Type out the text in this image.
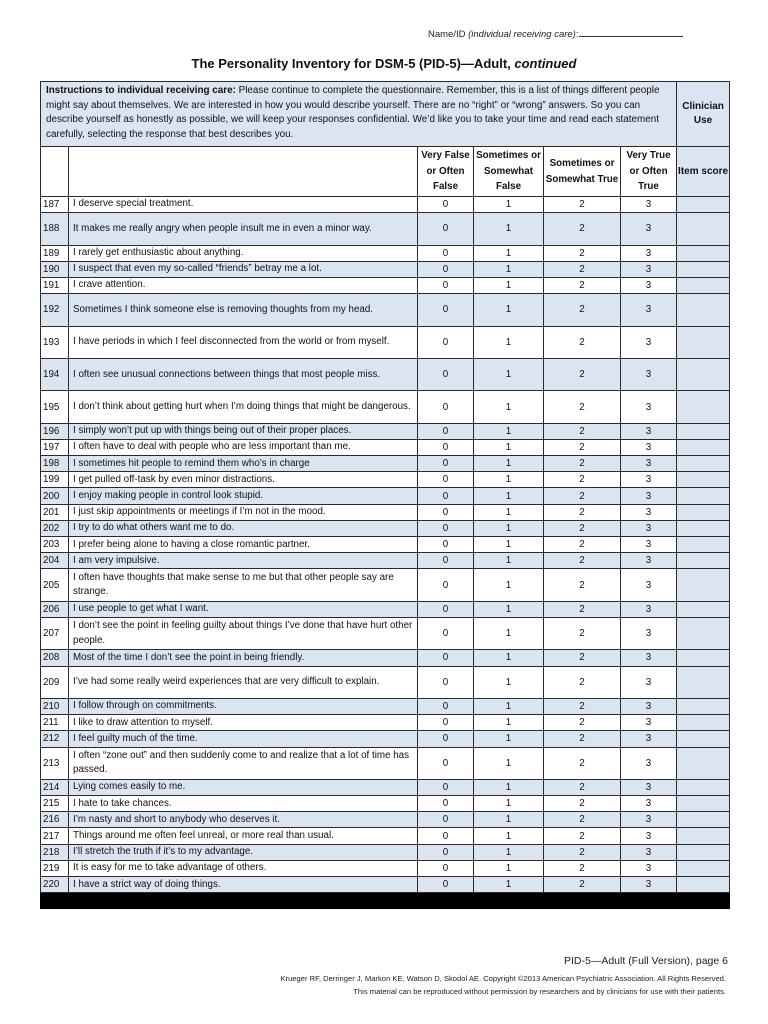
Name/ID (individual receiving care):
The Personality Inventory for DSM-5 (PID-5)—Adult, continued
Instructions to individual receiving care: Please continue to complete the questionnaire. Remember, this is a list of things different people might say about themselves. We are interested in how you would describe yourself. There are no “right” or “wrong” answers. So you can describe yourself as honestly as possible, we will keep your responses confidential. We’d like you to take your time and read each statement carefully, selecting the response that best describes you.						Clinician Use
		Very False or Often False	Sometimes or Somewhat False	Sometimes or Somewhat True	Very True or Often True	Item score
187	I deserve special treatment.	0	1	2	3	
188	It makes me really angry when people insult me in even a minor way.	0	1	2	3	
189	I rarely get enthusiastic about anything.	0	1	2	3	
190	I suspect that even my so-called “friends” betray me a lot.	0	1	2	3	
191	I crave attention.	0	1	2	3	
192	Sometimes I think someone else is removing thoughts from my head.	0	1	2	3	
193	I have periods in which I feel disconnected from the world or from myself.	0	1	2	3	
194	I often see unusual connections between things that most people miss.	0	1	2	3	
195	I don’t think about getting hurt when I’m doing things that might be dangerous.	0	1	2	3	
196	I simply won’t put up with things being out of their proper places.	0	1	2	3	
197	I often have to deal with people who are less important than me.	0	1	2	3	
198	I sometimes hit people to remind them who’s in charge	0	1	2	3	
199	I get pulled off-task by even minor distractions.	0	1	2	3	
200	I enjoy making people in control look stupid.	0	1	2	3	
201	I just skip appointments or meetings if I’m not in the mood.	0	1	2	3	
202	I try to do what others want me to do.	0	1	2	3	
203	I prefer being alone to having a close romantic partner.	0	1	2	3	
204	I am very impulsive.	0	1	2	3	
205	I often have thoughts that make sense to me but that other people say are strange.	0	1	2	3	
206	I use people to get what I want.	0	1	2	3	
207	I don’t see the point in feeling guilty about things I’ve done that have hurt other people.	0	1	2	3	
208	Most of the time I don’t see the point in being friendly.	0	1	2	3	
209	I’ve had some really weird experiences that are very difficult to explain.	0	1	2	3	
210	I follow through on commitments.	0	1	2	3	
211	I like to draw attention to myself.	0	1	2	3	
212	I feel guilty much of the time.	0	1	2	3	
213	I often “zone out” and then suddenly come to and realize that a lot of time has passed.	0	1	2	3	
214	Lying comes easily to me.	0	1	2	3	
215	I hate to take chances.	0	1	2	3	
216	I’m nasty and short to anybody who deserves it.	0	1	2	3	
217	Things around me often feel unreal, or more real than usual.	0	1	2	3	
218	I’ll stretch the truth if it’s to my advantage.	0	1	2	3	
219	It is easy for me to take advantage of others.	0	1	2	3	
220	I have a strict way of doing things.	0	1	2	3	

PID-5—Adult (Full Version), page 6
Krueger RF, Derringer J, Markon KE, Watson D, Skodol AE. Copyright ©2013 American Psychiatric Association. All Rights Reserved.
This material can be reproduced without permission by researchers and by clinicians for use with their patients.
